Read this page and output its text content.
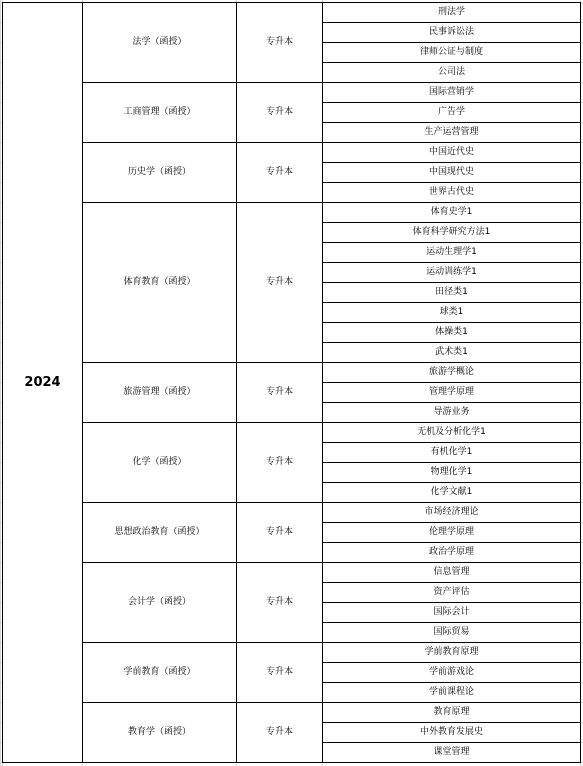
2024
法学（函授）	专升本
刑法学
民事诉讼法
律师公证与制度
公司法
工商管理（函授）	专升本
国际营销学
广告学
生产运营管理
历史学（函授）	专升本
中国近代史
中国现代史
世界古代史
体育教育（函授）	专升本
体育史学1
体育科学研究方法1
运动生理学1
运动训练学1
田径类1
球类1
体操类1
武术类1
旅游管理（函授）	专升本
旅游学概论
管理学原理
导游业务
化学（函授）	专升本
无机及分析化学1
有机化学1
物理化学1
化学文献1
思想政治教育（函授）	专升本
市场经济理论
伦理学原理
政治学原理
会计学（函授）	专升本
信息管理
资产评估
国际会计
国际贸易
学前教育（函授）	专升本
学前教育原理
学前游戏论
学前课程论
教育学（函授）	专升本
教育原理
中外教育发展史
课堂管理
